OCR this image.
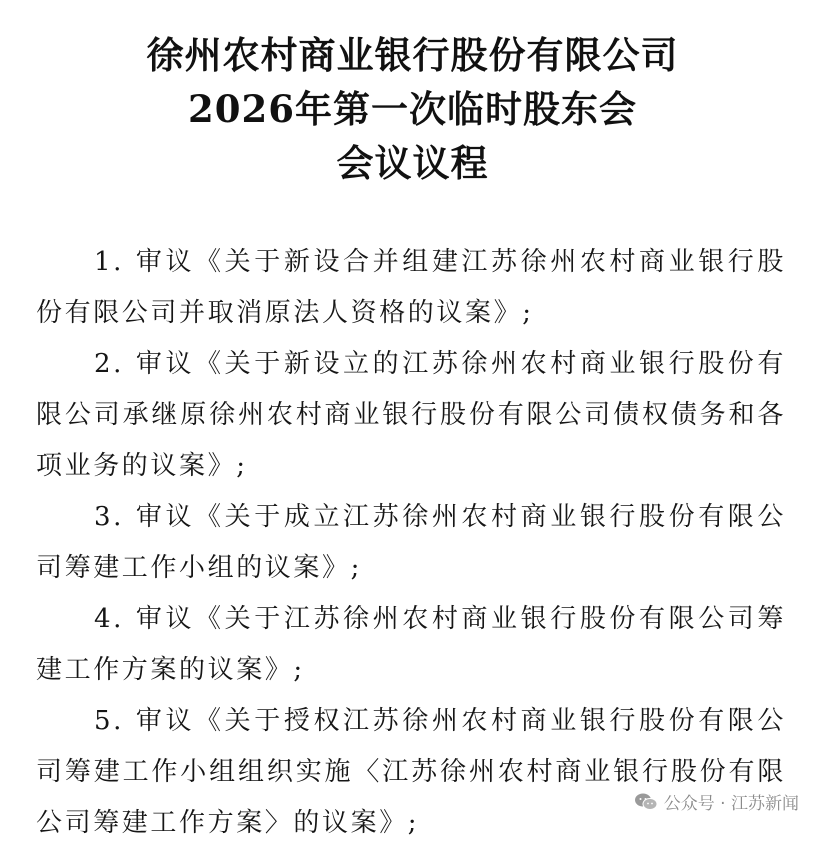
徐州农村商业银行股份有限公司
2026年第一次临时股东会
会议议程

1. 审议《关于新设合并组建江苏徐州农村商业银行股份有限公司并取消原法人资格的议案》;

2. 审议《关于新设立的江苏徐州农村商业银行股份有限公司承继原徐州农村商业银行股份有限公司债权债务和各项业务的议案》;

3. 审议《关于成立江苏徐州农村商业银行股份有限公司筹建工作小组的议案》;

4. 审议《关于江苏徐州农村商业银行股份有限公司筹建工作方案的议案》;

5. 审议《关于授权江苏徐州农村商业银行股份有限公司筹建工作小组组织实施〈江苏徐州农村商业银行股份有限公司筹建工作方案〉的议案》;

公众号 · 江苏新闻
